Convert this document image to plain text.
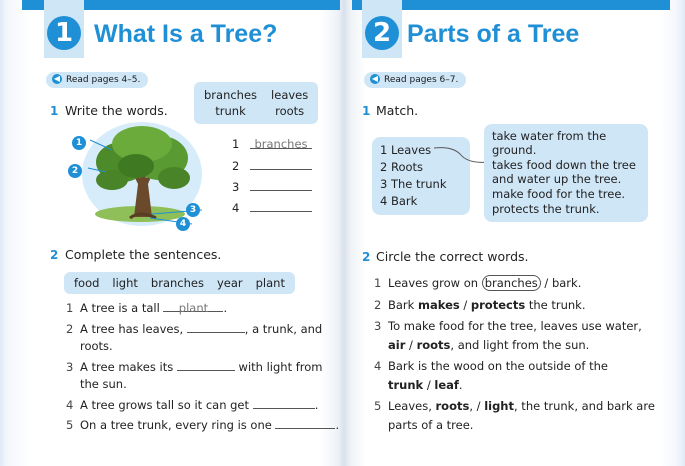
1 What Is a Tree?
◀ Read pages 4–5.
1 Write the words.
branches leaves
trunk	roots
1
2
3
4
1 branches
2
3
4
2 Complete the sentences.
food light branches year plant
1 A tree is a tall plant .
2 A tree has leaves,	, a trunk, and
roots.
3 A tree makes its	with light from
the sun.
4 A tree grows tall so it can get	.
5 On a tree trunk, every ring is one	.
2 Parts of a Tree
◀ Read pages 6–7.
1 Match.
1 Leaves
2 Roots
3 The trunk
4 Bark
take water from the ground.
takes food down the tree and water up the tree.
make food for the tree.
protects the trunk.
2 Circle the correct words.
1 Leaves grow on branches / bark.
2 Bark makes / protects the trunk.
3 To make food for the tree, leaves use water,
air / roots, and light from the sun.
4 Bark is the wood on the outside of the
trunk / leaf.
5 Leaves, roots, / light, the trunk, and bark are
parts of a tree.
